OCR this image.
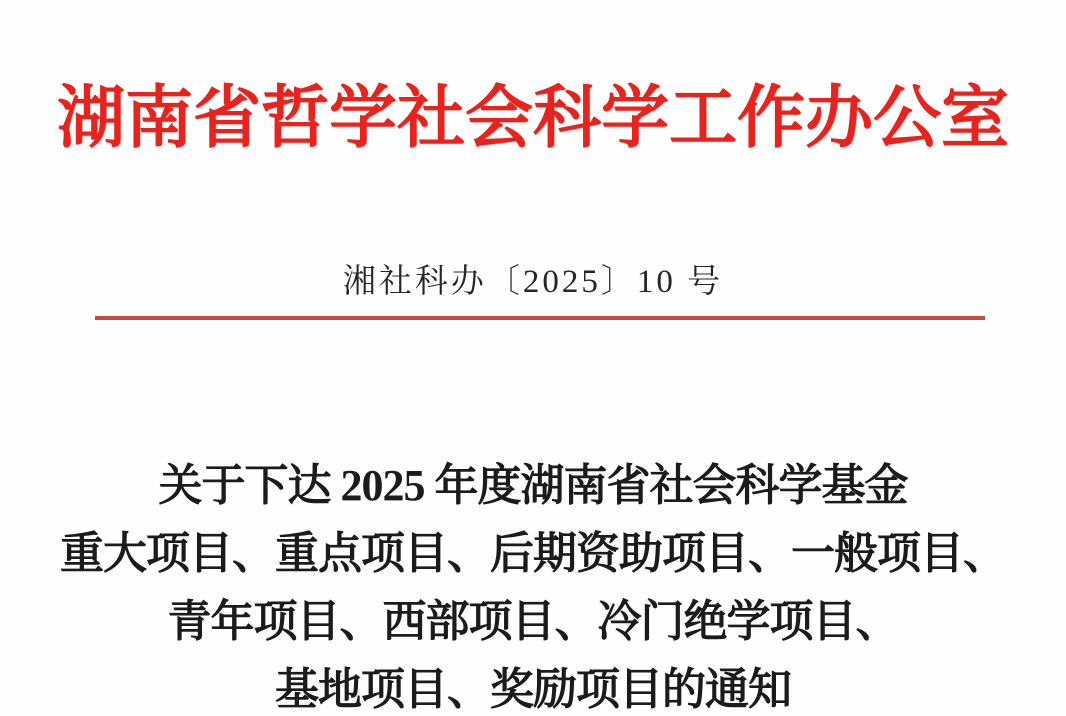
湖南省哲学社会科学工作办公室
湘社科办〔2025〕10 号
关于下达 2025 年度湖南省社会科学基金
重大项目、重点项目、后期资助项目、一般项目、
青年项目、西部项目、冷门绝学项目、
基地项目、奖励项目的通知
